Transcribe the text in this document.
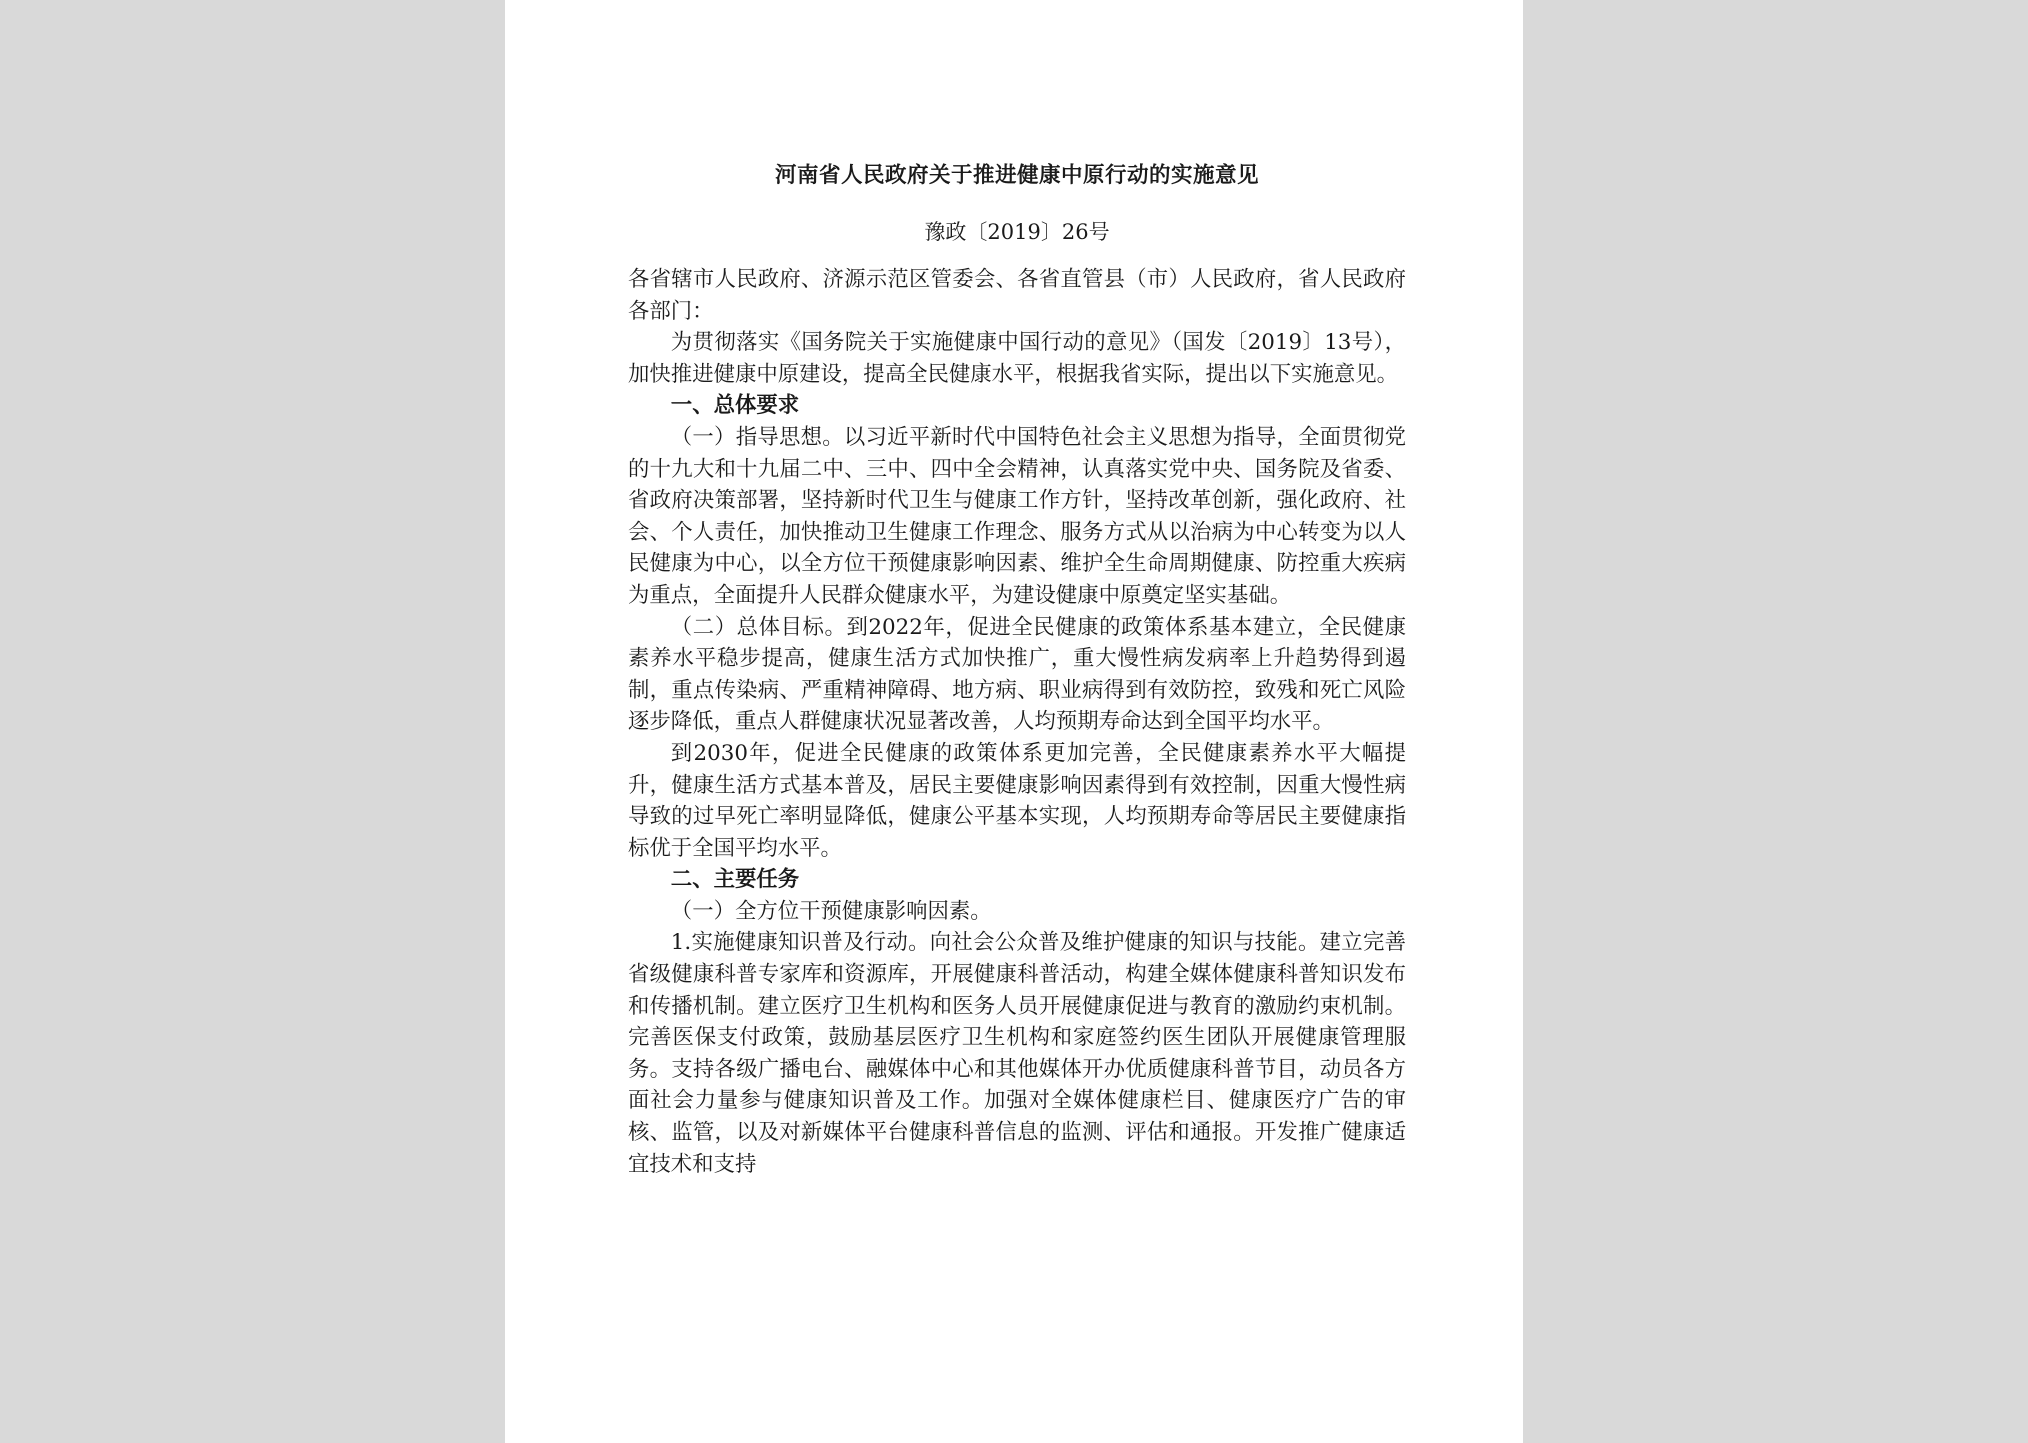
河南省人民政府关于推进健康中原行动的实施意见
豫政〔2019〕26号

各省辖市人民政府、济源示范区管委会、各省直管县（市）人民政府，省人民政府各部门：

为贯彻落实《国务院关于实施健康中国行动的意见》（国发〔2019〕13号），加快推进健康中原建设，提高全民健康水平，根据我省实际，提出以下实施意见。

一、总体要求

（一）指导思想。以习近平新时代中国特色社会主义思想为指导，全面贯彻党的十九大和十九届二中、三中、四中全会精神，认真落实党中央、国务院及省委、省政府决策部署，坚持新时代卫生与健康工作方针，坚持改革创新，强化政府、社会、个人责任，加快推动卫生健康工作理念、服务方式从以治病为中心转变为以人民健康为中心，以全方位干预健康影响因素、维护全生命周期健康、防控重大疾病为重点，全面提升人民群众健康水平，为建设健康中原奠定坚实基础。

（二）总体目标。到2022年，促进全民健康的政策体系基本建立，全民健康素养水平稳步提高，健康生活方式加快推广，重大慢性病发病率上升趋势得到遏制，重点传染病、严重精神障碍、地方病、职业病得到有效防控，致残和死亡风险逐步降低，重点人群健康状况显著改善，人均预期寿命达到全国平均水平。

到2030年，促进全民健康的政策体系更加完善，全民健康素养水平大幅提升，健康生活方式基本普及，居民主要健康影响因素得到有效控制，因重大慢性病导致的过早死亡率明显降低，健康公平基本实现，人均预期寿命等居民主要健康指标优于全国平均水平。

二、主要任务

（一）全方位干预健康影响因素。

1.实施健康知识普及行动。向社会公众普及维护健康的知识与技能。建立完善省级健康科普专家库和资源库，开展健康科普活动，构建全媒体健康科普知识发布和传播机制。建立医疗卫生机构和医务人员开展健康促进与教育的激励约束机制。完善医保支付政策，鼓励基层医疗卫生机构和家庭签约医生团队开展健康管理服务。支持各级广播电台、融媒体中心和其他媒体开办优质健康科普节目，动员各方面社会力量参与健康知识普及工作。加强对全媒体健康栏目、健康医疗广告的审核、监管，以及对新媒体平台健康科普信息的监测、评估和通报。开发推广健康适宜技术和支持
